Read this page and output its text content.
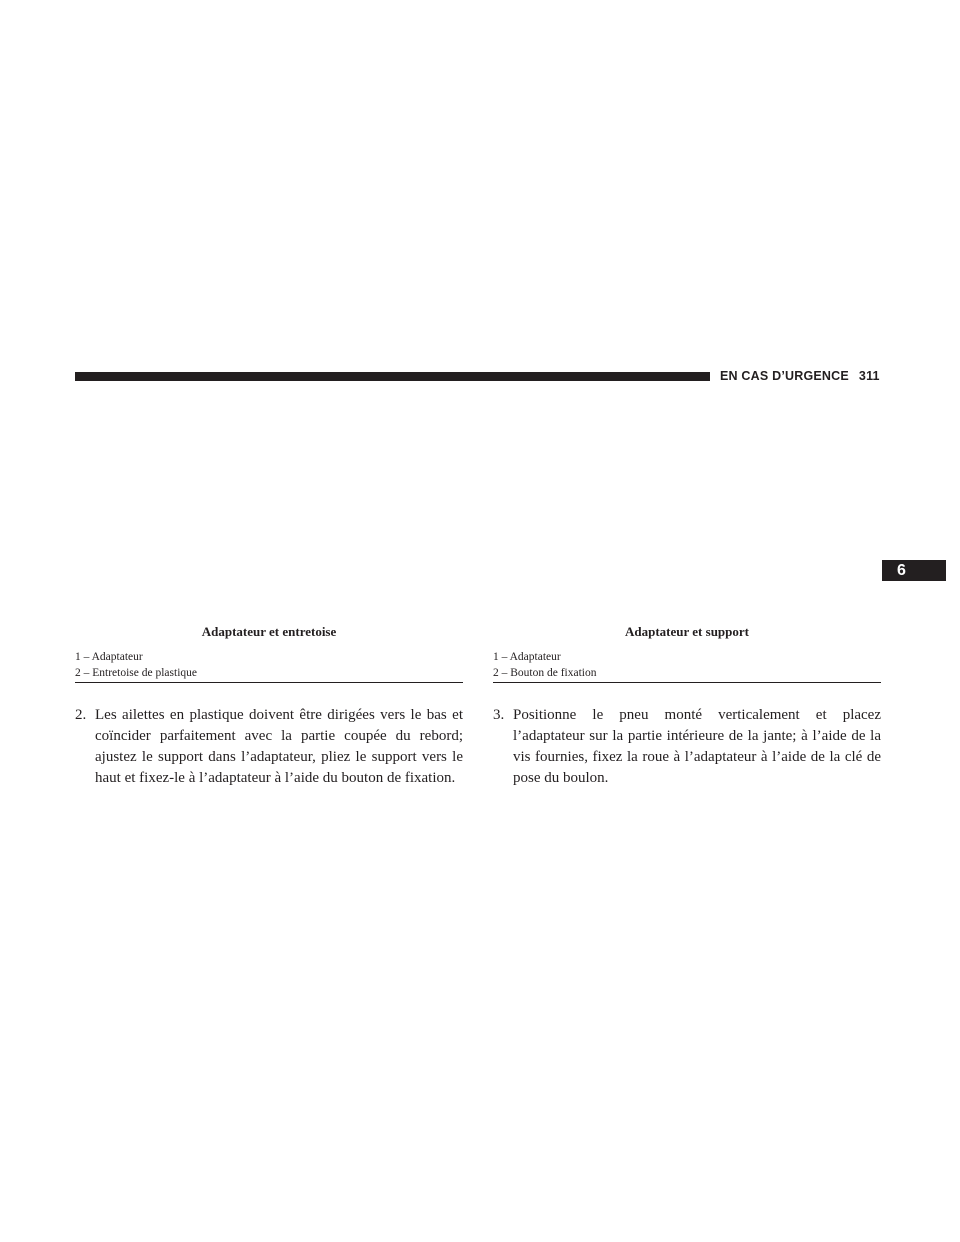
EN CAS D’URGENCE 311
6
Adaptateur et entretoise
1 – Adaptateur
2 – Entretoise de plastique
Adaptateur et support
1 – Adaptateur
2 – Bouton de fixation

2. Les ailettes en plastique doivent être dirigées vers le bas et coïncider parfaitement avec la partie coupée du rebord; ajustez le support dans l’adaptateur, pliez le support vers le haut et fixez-le à l’adaptateur à l’aide du bouton de fixation.

3. Positionne le pneu monté verticalement et placez l’adaptateur sur la partie intérieure de la jante; à l’aide de la vis fournies, fixez la roue à l’adaptateur à l’aide de la clé de pose du boulon.
